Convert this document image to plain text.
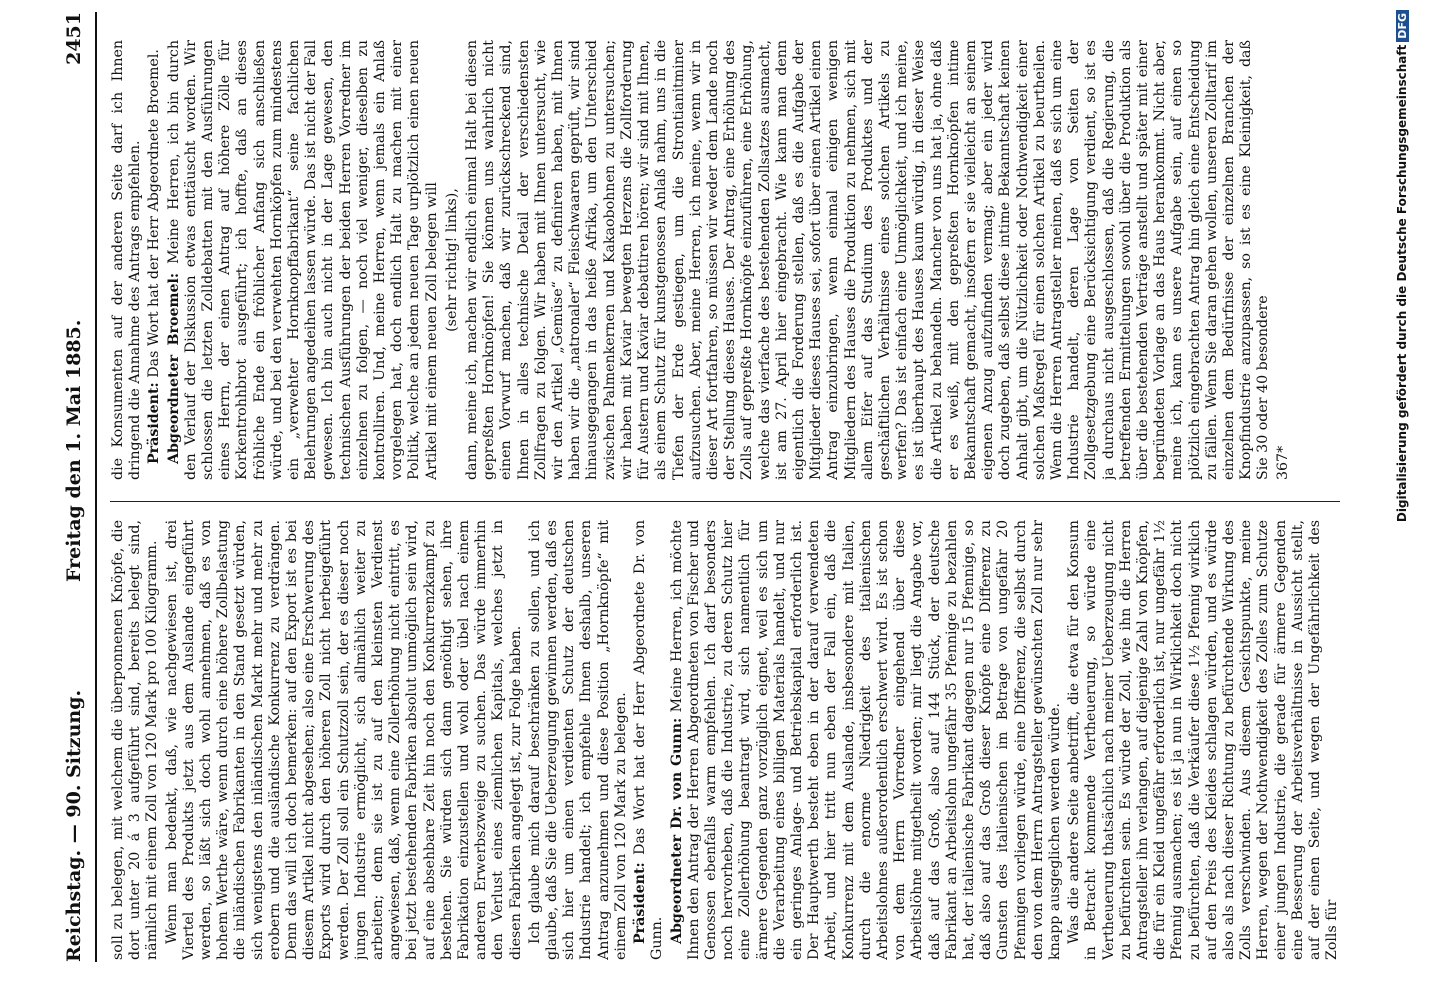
Reichstag. — 90. Sitzung.
Freitag den 1. Mai 1885.
2451

soll zu belegen, mit welchem die überponnenen Knöpfe, die dort unter 20 á 3 aufgeführt sind, bereits belegt sind, nämlich mit einem Zoll von 120 Mark pro 100 Kilogramm. Wenn man bedenkt, daß, wie nachgewiesen ist, drei Viertel des Produkts jetzt aus dem Auslande eingeführt werden, so läßt sich doch wohl annehmen, daß es von hohem Werthe wäre, wenn durch eine höhere Zollbelastung die inländischen Fabrikanten in den Stand gesetzt würden, sich wenigstens den inländischen Markt mehr und mehr zu erobern und die ausländische Konkurrenz zu verdrängen. Denn das will ich doch bemerken: auf den Export ist es bei diesem Artikel nicht abgesehen; also eine Erschwerung des Exports wird durch den höheren Zoll nicht herbeigeführt werden. Der Zoll soll ein Schutzzoll sein, der es dieser noch jungen Industrie ermöglicht, sich allmählich weiter zu arbeiten; denn sie ist zu auf den kleinsten Verdienst angewiesen, daß, wenn eine Zollerhöhung nicht eintritt, es bei jetzt bestehenden Fabriken absolut unmöglich sein wird, auf eine absehbare Zeit hin noch den Konkurrenzkampf zu bestehen. Sie würden sich dann genöthigt sehen, ihre Fabrikation einzustellen und wohl oder übel nach einem anderen Erwerbszweige zu suchen. Das würde immerhin den Verlust eines ziemlichen Kapitals, welches jetzt in diesen Fabriken angelegt ist, zur Folge haben. Ich glaube mich darauf beschränken zu sollen, und ich glaube, daß Sie die Ueberzeugung gewinnen werden, daß es sich hier um einen verdienten Schutz der deutschen Industrie handelt; ich empfehle Ihnen deshalb, unseren Antrag anzunehmen und diese Position „Hornknöpfe“ mit einem Zoll von 120 Mark zu belegen. Präsident: Das Wort hat der Herr Abgeordnete Dr. von Gunn. Abgeordneter Dr. von Gunn: Meine Herren, ich möchte Ihnen den Antrag der Herren Abgeordneten von Fischer und Genossen ebenfalls warm empfehlen. Ich darf besonders noch hervorheben, daß die Industrie, zu deren Schutz hier eine Zollerhöhung beantragt wird, sich namentlich für ärmere Gegenden ganz vorzüglich eignet, weil es sich um die Verarbeitung eines billigen Materials handelt, und nur ein geringes Anlage- und Betriebskapital erforderlich ist. Der Hauptwerth besteht eben in der darauf verwendeten Arbeit, und hier tritt nun eben der Fall ein, daß die Konkurrenz mit dem Auslande, insbesondere mit Italien, durch die enorme Niedrigkeit des italienischen Arbeitslohnes außerordentlich erschwert wird. Es ist schon von dem Herrn Vorredner eingehend über diese Arbeitslöhne mitgetheilt worden; mir liegt die Angabe vor, daß auf das Groß, also auf 144 Stück, der deutsche Fabrikant an Arbeitslohn ungefähr 35 Pfennige zu bezahlen hat, der italienische Fabrikant dagegen nur 15 Pfennige, so daß also auf das Groß dieser Knöpfe eine Differenz zu Gunsten des italienischen im Betrage von ungefähr 20 Pfennigen vorliegen würde, eine Differenz, die selbst durch den von dem Herrn Antragsteller gewünschten Zoll nur sehr knapp ausgeglichen werden würde. Was die andere Seite anbetrifft, die etwa für den Konsum in Betracht kommende Vertheuerung, so würde eine Vertheuerung thatsächlich nach meiner Ueberzeugung nicht zu befürchten sein. Es würde der Zoll, wie ihn die Herren Antragsteller ihn verlangen, auf diejenige Zahl von Knöpfen, die für ein Kleid ungefähr erforderlich ist, nur ungefähr 1½ Pfennig ausmachen; es ist ja nun in Wirklichkeit doch nicht zu befürchten, daß die Verkäufer diese 1½ Pfennig wirklich auf den Preis des Kleides schlagen würden, und es würde also als nach dieser Richtung zu befürchtende Wirkung des Zolls verschwinden. Aus diesem Gesichtspunkte, meine Herren, wegen der Nothwendigkeit des Zolles zum Schutze einer jungen Industrie, die gerade für ärmere Gegenden eine Besserung der Arbeitsverhältnisse in Aussicht stellt, auf der einen Seite, und wegen der Ungefährlichkeit des Zolls für

die Konsumenten auf der anderen Seite darf ich Ihnen dringend die Annahme des Antrags empfehlen. Präsident: Das Wort hat der Herr Abgeordnete Broemel. Abgeordneter Broemel: Meine Herren, ich bin durch den Verlauf der Diskussion etwas enttäuscht worden. Wir schlossen die letzten Zolldebatten mit den Ausführungen eines Herrn, der einen Antrag auf höhere Zölle für Korkentrohhbrot ausgeführt; ich hoffte, daß an dieses fröhliche Ende ein fröhlicher Anfang sich anschließen würde, und bei den verwehten Hornköpfen zum mindestens ein „verwehter Hornknopffabrikant“ seine fachlichen Belehrungen angedeihen lassen würde. Das ist nicht der Fall gewesen. Ich bin auch nicht in der Lage gewesen, den technischen Ausführungen der beiden Herren Vorredner im einzelnen zu folgen, — noch viel weniger, dieselben zu kontrolliren. Und, meine Herren, wenn jemals ein Anlaß vorgelegen hat, doch endlich Halt zu machen mit einer Politik, welche an jedem neuen Tage urplötzlich einen neuen Artikel mit einem neuen Zoll belegen will (sehr richtig! links), dann, meine ich, machen wir endlich einmal Halt bei diesen gepreßten Hornknöpfen! Sie können uns wahrlich nicht einen Vorwurf machen, daß wir zurückschreckend sind, Ihnen in alles technische Detail der verschiedensten Zollfragen zu folgen. Wir haben mit Ihnen untersucht, wie wir den Artikel „Gemüse“ zu definiren haben, mit Ihnen haben wir die „natronaler“ Fleischwaaren geprüft, wir sind hinausgegangen in das heiße Afrika, um den Unterschied zwischen Palmenkernen und Kakaobohnen zu untersuchen; wir haben mit Kaviar bewegten Herzens die Zollforderung für Austern und Kaviar debattiren hören; wir sind mit Ihnen, als einem Schutz für kunstgenossen Anlaß nahm, uns in die Tiefen der Erde gestiegen, um die Strontianitminer aufzusuchen. Aber, meine Herren, ich meine, wenn wir in dieser Art fortfahren, so müssen wir weder dem Lande noch der Stellung dieses Hauses. Der Antrag, eine Erhöhung des Zolls auf gepreßte Hornknöpfe einzuführen, eine Erhöhung, welche das vierfache des bestehenden Zollsatzes ausmacht, ist am 27. April hier eingebracht. Wie kann man denn eigentlich die Forderung stellen, daß es die Aufgabe der Mitglieder dieses Hauses sei, sofort über einen Artikel einen Antrag einzubringen, wenn einmal einigen wenigen Mitgliedern des Hauses die Produktion zu nehmen, sich mit allem Eifer auf das Studium des Produktes und der geschäftlichen Verhältnisse eines solchen Artikels zu werfen? Das ist einfach eine Unmöglichkeit, und ich meine, es ist überhaupt des Hauses kaum würdig, in dieser Weise die Artikel zu behandeln. Mancher von uns hat ja, ohne daß er es weiß, mit den gepreßten Hornknöpfen intime Bekanntschaft gemacht, insofern er sie vielleicht an seinem eigenen Anzug aufzufinden vermag; aber ein jeder wird doch zugeben, daß selbst diese intime Bekanntschaft keinen Anhalt gibt, um die Nützlichkeit oder Nothwendigkeit einer solchen Maßregel für einen solchen Artikel zu beurtheilen. Wenn die Herren Antragsteller meinen, daß es sich um eine Industrie handelt, deren Lage von Seiten der Zollgesetzgebung eine Berücksichtigung verdient, so ist es ja durchaus nicht ausgeschlossen, daß die Regierung, die betreffenden Ermittelungen sowohl über die Produktion als über die bestehenden Verträge anstellt und später mit einer begründeten Vorlage an das Haus herankommt. Nicht aber, meine ich, kann es unsere Aufgabe sein, auf einen so plötzlich eingebrachten Antrag hin gleich eine Entscheidung zu fällen. Wenn Sie daran gehen wollen, unseren Zolltarif im einzelnen dem Bedürfnisse der einzelnen Branchen der Knopfindustrie anzupassen, so ist es eine Kleinigkeit, daß Sie 30 oder 40 besondere 367*	Digitalisierung gefördert durch die Deutsche ForschungsgemeinschaftDFG
